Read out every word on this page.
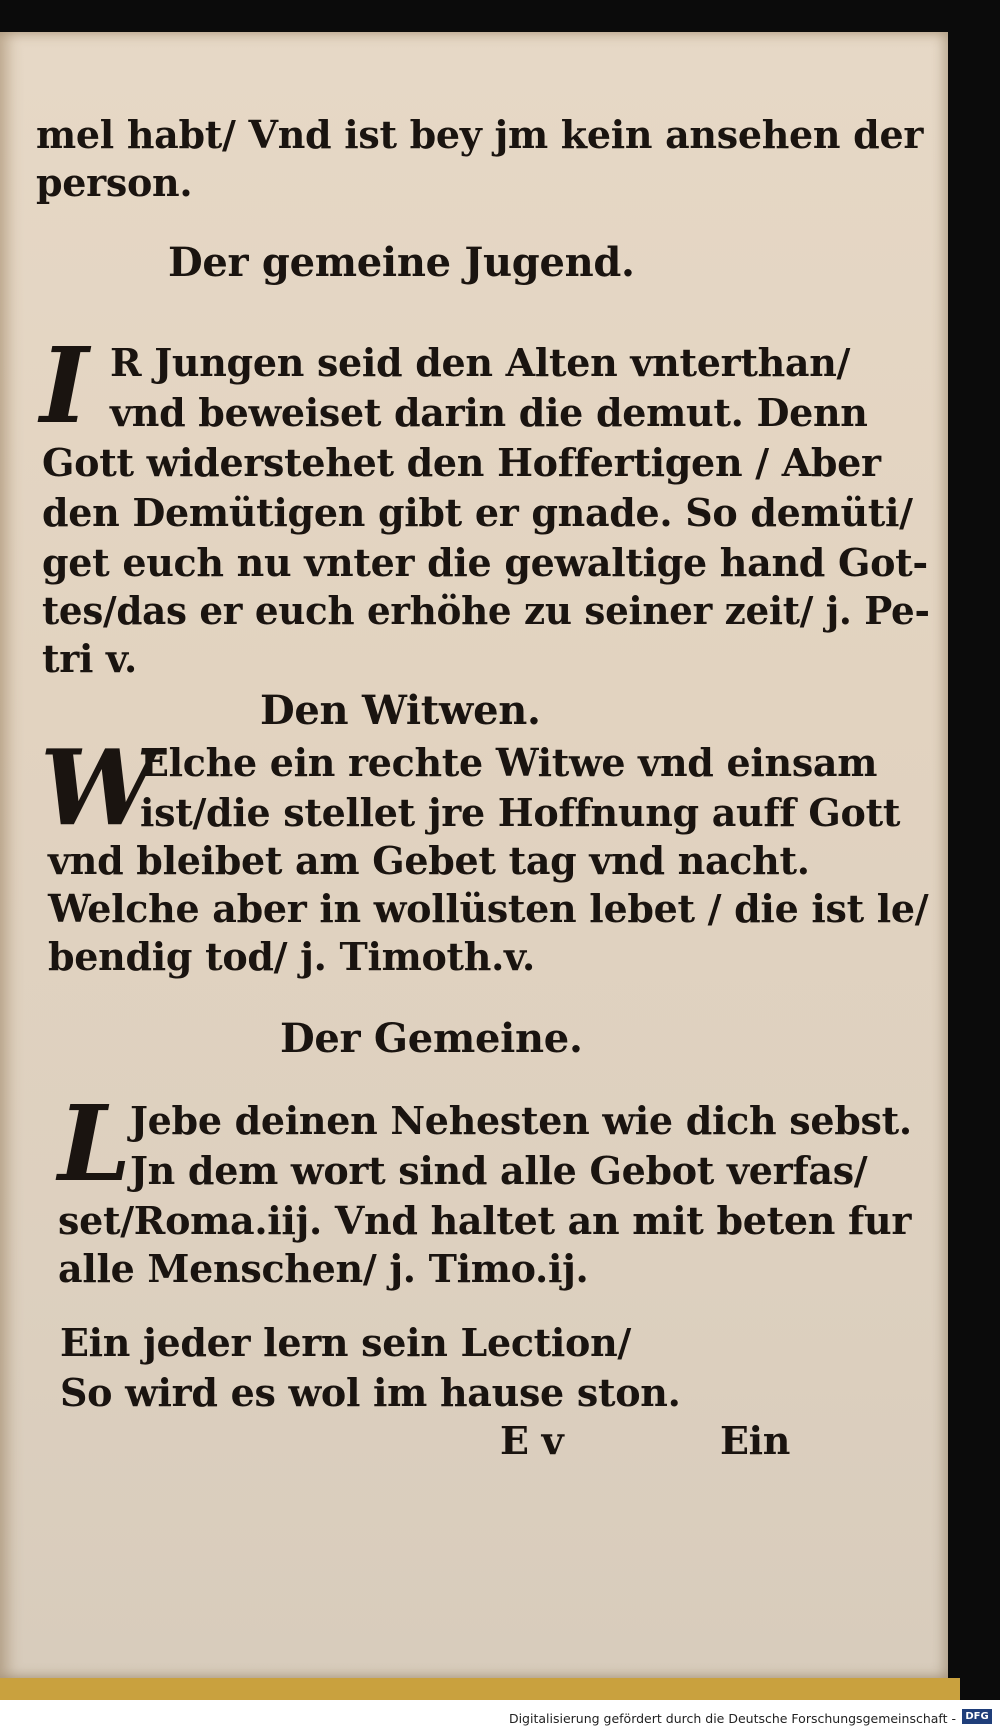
mel habt/ Vnd ist bey jm kein ansehen der

person.

Der gemeine Jugend.

I R Jungen seid den Alten vnterthan/

vnd beweiset darin die demut. Denn

Gott widerstehet den Hoffertigen / Aber

den Demütigen gibt er gnade. So demüti/

get euch nu vnter die gewaltige hand Got-

tes/das er euch erhöhe zu seiner zeit/ j. Pe-

tri v.

Den Witwen.

W

Elche ein rechte Witwe vnd einsam

ist/die stellet jre Hoffnung auff Gott

vnd bleibet am Gebet tag vnd nacht.

Welche aber in wollüsten lebet / die ist le/

bendig tod/ j. Timoth.v.

Der Gemeine.

L

Jebe deinen Nehesten wie dich sebst.

Jn dem wort sind alle Gebot verfas/

set/Roma.iij. Vnd haltet an mit beten fur

alle Menschen/ j. Timo.ij.

Ein jeder lern sein Lection/

So wird es wol im hause ston.

E v	Ein

Digitalisierung gefördert durch die Deutsche Forschungsgemeinschaft - DFG
